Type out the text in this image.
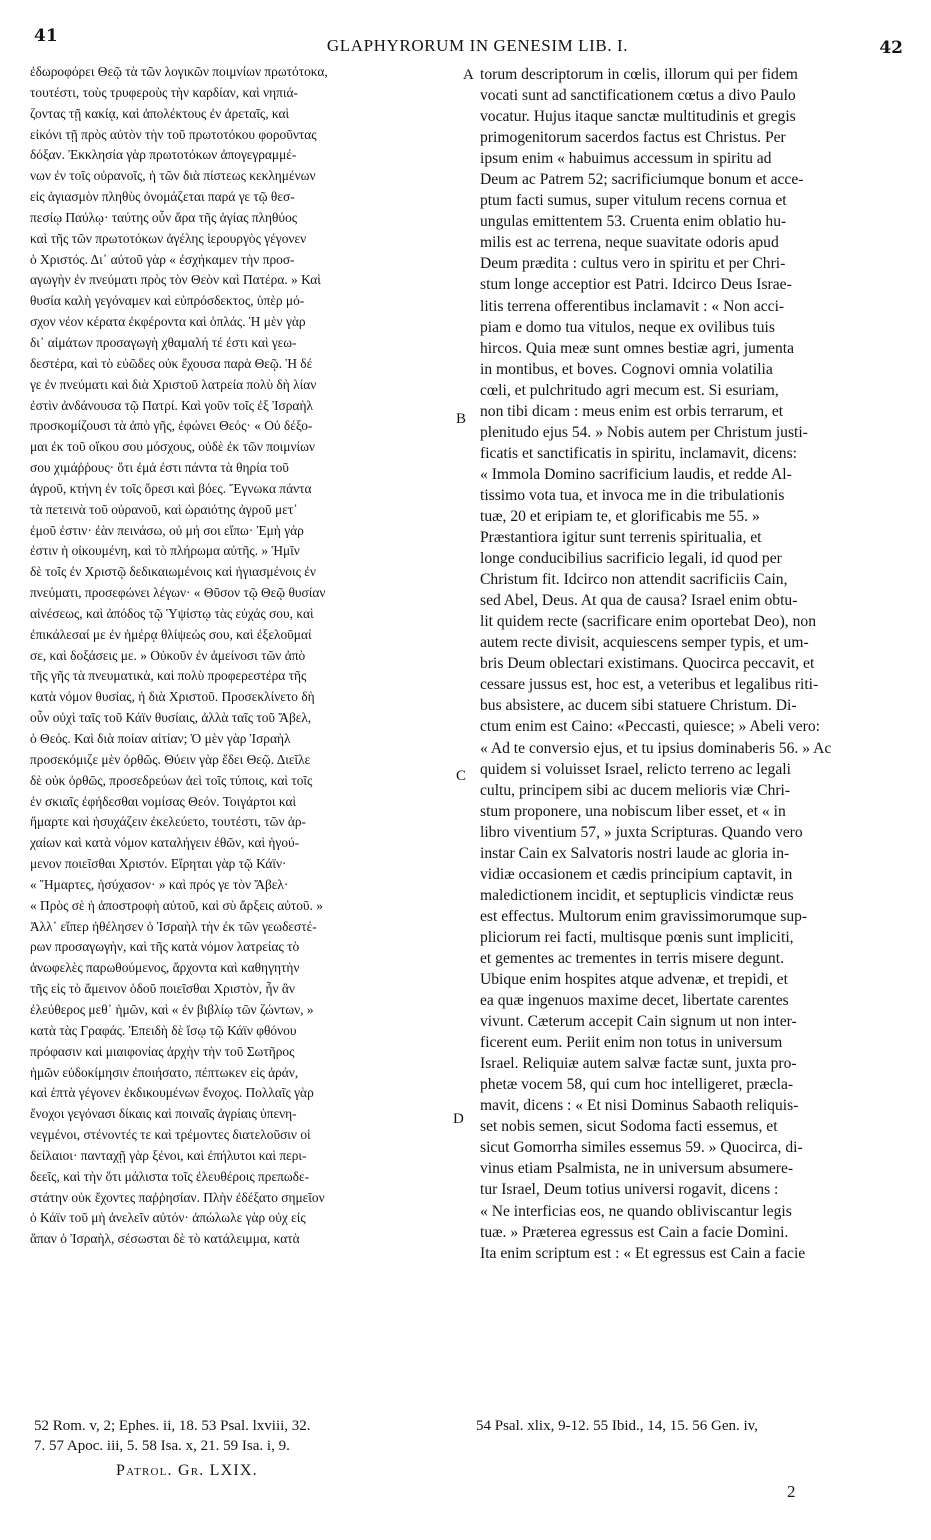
41	GLAPHYRORUM IN GENESIM LIB. I.	42
ἐδωροφόρει Θεῷ τὰ τῶν λογικῶν ποιμνίων πρωτότοκα,
τουτέστι, τοὺς τρυφεροὺς τὴν καρδίαν, καὶ νηπιά-
ζοντας τῇ κακίᾳ, καὶ ἀπολέκτους ἐν ἀρεταῖς, καὶ
εἰκόνι τῇ πρὸς αὐτὸν τὴν τοῦ πρωτοτόκου φοροῦντας
δόξαν. Ἐκκλησία γὰρ πρωτοτόκων ἀπογεγραμμέ-
νων ἐν τοῖς οὐρανοῖς, ἡ τῶν διὰ πίστεως κεκλημένων
εἰς ἁγιασμὸν πληθὺς ὀνομάζεται παρά γε τῷ θεσ-
πεσίῳ Παύλῳ· ταύτης οὖν ἄρα τῆς ἁγίας πληθύος
καὶ τῆς τῶν πρωτοτόκων ἀγέλης ἱερουργὸς γέγονεν
ὁ Χριστός. Δι᾽ αὐτοῦ γὰρ « ἐσχήκαμεν τὴν προσ-
αγωγὴν ἐν πνεύματι πρὸς τὸν Θεὸν καὶ Πατέρα. » Καὶ
θυσία καλὴ γεγόναμεν καὶ εὐπρόσδεκτος, ὑπὲρ μό-
σχον νέον κέρατα ἐκφέροντα καὶ ὁπλάς. Ἡ μὲν γὰρ
δι᾽ αἱμάτων προσαγωγὴ χθαμαλή τέ ἐστι καὶ γεω-
δεστέρα, καὶ τὸ εὐῶδες οὐκ ἔχουσα παρὰ Θεῷ. Ἡ δέ
γε ἐν πνεύματι καὶ διὰ Χριστοῦ λατρεία πολὺ δὴ λίαν
ἐστὶν ἀνδάνουσα τῷ Πατρί. Καὶ γοῦν τοῖς ἐξ Ἰσραὴλ
προσκομίζουσι τὰ ἀπὸ γῆς, ἐφώνει Θεός· « Οὐ δέξο-
μαι ἐκ τοῦ οἴκου σου μόσχους, οὐδὲ ἐκ τῶν ποιμνίων
σου χιμάῤῥους· ὅτι ἐμά ἐστι πάντα τὰ θηρία τοῦ
ἀγροῦ, κτήνη ἐν τοῖς ὄρεσι καὶ βόες. Ἔγνωκα πάντα
τὰ πετεινὰ τοῦ οὐρανοῦ, καὶ ὡραιότης ἀγροῦ μετ᾽
ἐμοῦ ἐστιν· ἐὰν πεινάσω, οὐ μή σοι εἴπω· Ἐμὴ γάρ
ἐστιν ἡ οἰκουμένη, καὶ τὸ πλήρωμα αὐτῆς. » Ἡμῖν
δὲ τοῖς ἐν Χριστῷ δεδικαιωμένοις καὶ ἡγιασμένοις ἐν
πνεύματι, προσεφώνει λέγων· « Θῦσον τῷ Θεῷ θυσίαν
αἰνέσεως, καὶ ἀπόδος τῷ Ὑψίστῳ τὰς εὐχάς σου, καὶ
ἐπικάλεσαί με ἐν ἡμέρᾳ θλίψεώς σου, καὶ ἐξελοῦμαί
σε, καὶ δοξάσεις με. » Οὐκοῦν ἐν ἀμείνοσι τῶν ἀπὸ
τῆς γῆς τὰ πνευματικὰ, καὶ πολὺ προφερεστέρα τῆς
κατὰ νόμον θυσίας, ἡ διὰ Χριστοῦ. Προσεκλίνετο δὴ
οὖν οὐχὶ ταῖς τοῦ Κάϊν θυσίαις, ἀλλὰ ταῖς τοῦ Ἄβελ,
ὁ Θεός. Καὶ διὰ ποίαν αἰτίαν; Ὁ μὲν γὰρ Ἰσραὴλ
προσεκόμιζε μὲν ὀρθῶς. Θύειν γὰρ ἔδει Θεῷ. Διεῖλε
δὲ οὐκ ὀρθῶς, προσεδρεύων ἀεὶ τοῖς τύποις, καὶ τοῖς
ἐν σκιαῖς ἐφήδεσθαι νομίσας Θεόν. Τοιγάρτοι καὶ
ἥμαρτε καὶ ἡσυχάζειν ἐκελεύετο, τουτέστι, τῶν ἀρ-
χαίων καὶ κατὰ νόμον καταλήγειν ἐθῶν, καὶ ἡγού-
μενον ποιεῖσθαι Χριστόν. Εἴρηται γὰρ τῷ Κάϊν·
« Ἥμαρτες, ἡσύχασον· » καὶ πρός γε τὸν Ἄβελ·
« Πρὸς σὲ ἡ ἀποστροφὴ αὐτοῦ, καὶ σὺ ἄρξεις αὐτοῦ. »
Ἀλλ᾽ εἴπερ ἠθέλησεν ὁ Ἰσραὴλ τὴν ἐκ τῶν γεωδεστέ-
ρων προσαγωγὴν, καὶ τῆς κατὰ νόμον λατρείας τὸ
ἀνωφελὲς παρωθούμενος, ἄρχοντα καὶ καθηγητὴν
τῆς εἰς τὸ ἄμεινον ὁδοῦ ποιεῖσθαι Χριστὸν, ἦν ἂν
ἐλεύθερος μεθ᾽ ἡμῶν, καὶ « ἐν βιβλίῳ τῶν ζώντων, »
κατὰ τὰς Γραφάς. Ἐπειδὴ δὲ ἴσῳ τῷ Κάϊν φθόνου
πρόφασιν καὶ μιαιφονίας ἀρχὴν τὴν τοῦ Σωτῆρος
ἡμῶν εὐδοκίμησιν ἐποιήσατο, πέπτωκεν εἰς ἀράν,
καὶ ἑπτὰ γέγονεν ἐκδικουμένων ἔνοχος. Πολλαῖς γὰρ
ἔνοχοι γεγόνασι δίκαις καὶ ποιναῖς ἀγρίαις ὑπενη-
νεγμένοι, στένοντές τε καὶ τρέμοντες διατελοῦσιν οἱ
δείλαιοι· πανταχῇ γὰρ ξένοι, καὶ ἐπήλυτοι καὶ περι-
δεεῖς, καὶ τὴν ὅτι μάλιστα τοῖς ἐλευθέροις πρεπωδε-
στάτην οὐκ ἔχοντες παῤῥησίαν. Πλὴν ἐδέξατο σημεῖον
ὁ Κάϊν τοῦ μὴ ἀνελεῖν αὐτόν· ἀπώλωλε γὰρ οὐχ εἰς
ἅπαν ὁ Ἰσραὴλ, σέσωσται δὲ τὸ κατάλειμμα, κατὰ
A
B
C
D
torum descriptorum in cœlis, illorum qui per fidem
vocati sunt ad sanctificationem cœtus a divo Paulo
vocatur. Hujus itaque sanctæ multitudinis et gregis
primogenitorum sacerdos factus est Christus. Per
ipsum enim « habuimus accessum in spiritu ad
Deum ac Patrem 52; sacrificiumque bonum et acce-
ptum facti sumus, super vitulum recens cornua et
ungulas emittentem 53. Cruenta enim oblatio hu-
milis est ac terrena, neque suavitate odoris apud
Deum prædita : cultus vero in spiritu et per Chri-
stum longe acceptior est Patri. Idcirco Deus Israe-
litis terrena offerentibus inclamavit : « Non acci-
piam e domo tua vitulos, neque ex ovilibus tuis
hircos. Quia meæ sunt omnes bestiæ agri, jumenta
in montibus, et boves. Cognovi omnia volatilia
cœli, et pulchritudo agri mecum est. Si esuriam,
non tibi dicam : meus enim est orbis terrarum, et
plenitudo ejus 54. » Nobis autem per Christum justi-
ficatis et sanctificatis in spiritu, inclamavit, dicens:
« Immola Domino sacrificium laudis, et redde Al-
tissimo vota tua, et invoca me in die tribulationis
tuæ, 20 et eripiam te, et glorificabis me 55. »
Præstantiora igitur sunt terrenis spiritualia, et
longe conducibilius sacrificio legali, id quod per
Christum fit. Idcirco non attendit sacrificiis Cain,
sed Abel, Deus. At qua de causa? Israel enim obtu-
lit quidem recte (sacrificare enim oportebat Deo), non
autem recte divisit, acquiescens semper typis, et um-
bris Deum oblectari existimans. Quocirca peccavit, et
cessare jussus est, hoc est, a veteribus et legalibus riti-
bus absistere, ac ducem sibi statuere Christum. Di-
ctum enim est Caino: «Peccasti, quiesce; » Abeli vero:
« Ad te conversio ejus, et tu ipsius dominaberis 56. » Ac
quidem si voluisset Israel, relicto terreno ac legali
cultu, principem sibi ac ducem melioris viæ Chri-
stum proponere, una nobiscum liber esset, et « in
libro viventium 57, » juxta Scripturas. Quando vero
instar Cain ex Salvatoris nostri laude ac gloria in-
vidiæ occasionem et cædis principium captavit, in
maledictionem incidit, et septuplicis vindictæ reus
est effectus. Multorum enim gravissimorumque sup-
pliciorum rei facti, multisque pœnis sunt impliciti,
et gementes ac trementes in terris misere degunt.
Ubique enim hospites atque advenæ, et trepidi, et
ea quæ ingenuos maxime decet, libertate carentes
vivunt. Cæterum accepit Cain signum ut non inter-
ficerent eum. Periit enim non totus in universum
Israel. Reliquiæ autem salvæ factæ sunt, juxta pro-
phetæ vocem 58, qui cum hoc intelligeret, præcla-
mavit, dicens : « Et nisi Dominus Sabaoth reliquis-
set nobis semen, sicut Sodoma facti essemus, et
sicut Gomorrha similes essemus 59. » Quocirca, di-
vinus etiam Psalmista, ne in universum absumere-
tur Israel, Deum totius universi rogavit, dicens :
« Ne interficias eos, ne quando obliviscantur legis
tuæ. » Præterea egressus est Cain a facie Domini.
Ita enim scriptum est : « Et egressus est Cain a facie
52 Rom. v, 2; Ephes. ii, 18. 53 Psal. lxviii, 32.
7. 57 Apoc. iii, 5. 58 Isa. x, 21. 59 Isa. i, 9.
54 Psal. xlix, 9-12. 55 Ibid., 14, 15. 56 Gen. iv,
Patrol. Gr. LXIX.
2
